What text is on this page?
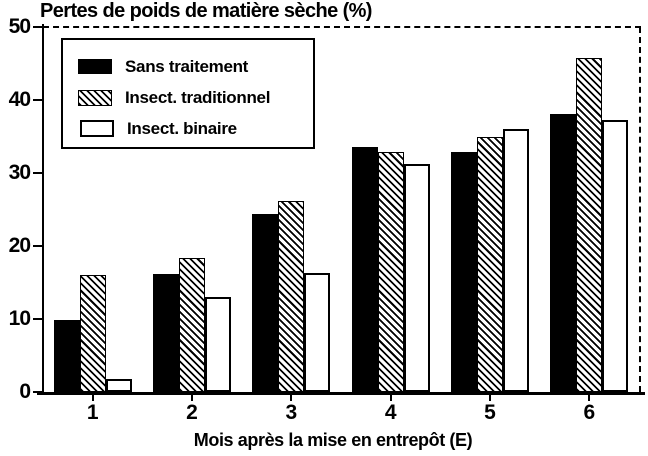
Pertes de poids de matière sèche (%)
Sans traitement
Insect. traditionnel
Insect. binaire
Mois après la mise en entrepôt (E)
0
10
20
30
40
50
1	2	3	4	5	6
